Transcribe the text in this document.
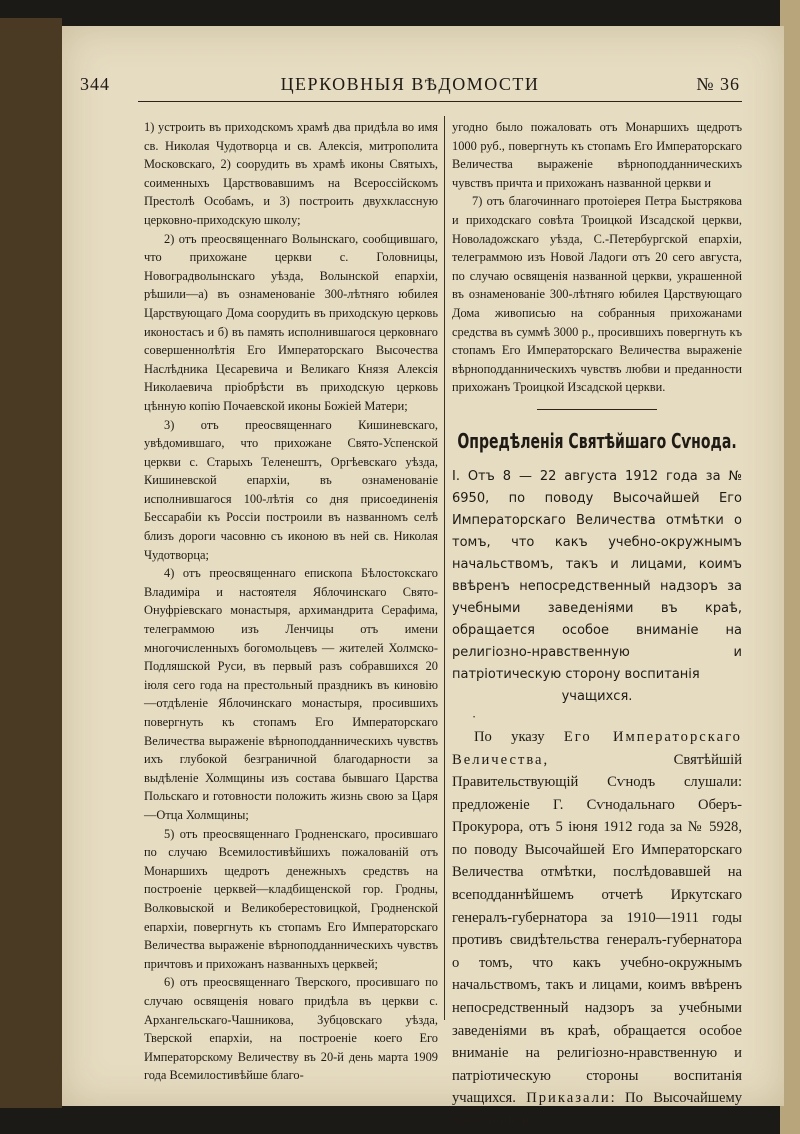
344	ЦЕРКОВНЫЯ ВѢДОМОСТИ	№ 36

1) устроить въ приходскомъ храмѣ два придѣла во имя св. Николая Чудотворца и св. Алексія, митрополита Московскаго, 2) соорудить въ храмѣ иконы Святыхъ, соименныхъ Царствовавшимъ на Всероссійскомъ Престолѣ Особамъ, и 3) построить двухклассную церковно-приходскую школу;

2) отъ преосвященнаго Волынскаго, сообщившаго, что прихожане церкви с. Головницы, Новоградволынскаго уѣзда, Волынской епархіи, рѣшили—а) въ ознаменованіе 300-лѣтняго юбилея Царствующаго Дома соорудить въ приходскую церковь иконостасъ и б) въ память исполнившагося церковнаго совершеннолѣтія Его Императорскаго Высочества Наслѣдника Цесаревича и Великаго Князя Алексія Николаевича пріобрѣсти въ приходскую церковь цѣнную копію Почаевской иконы Божіей Матери;

3) отъ преосвященнаго Кишиневскаго, увѣдомившаго, что прихожане Свято-Успенской церкви с. Старыхъ Теленештъ, Оргѣевскаго уѣзда, Кишиневской епархіи, въ ознаменованіе исполнившагося 100-лѣтія со дня присоединенія Бессарабіи къ Россіи построили въ названномъ селѣ близъ дороги часовню съ иконою въ ней св. Николая Чудотворца;

4) отъ преосвященнаго епископа Бѣлостокскаго Владиміра и настоятеля Яблочинскаго Свято-Онуфріевскаго монастыря, архимандрита Серафима, телеграммою изъ Ленчицы отъ имени многочисленныхъ богомольцевъ — жителей Холмско-Подляшской Руси, въ первый разъ собравшихся 20 іюля сего года на престольный праздникъ въ киновію—отдѣленіе Яблочинскаго монастыря, просившихъ повергнуть къ стопамъ Его Императорскаго Величества выраженіе вѣрноподданническихъ чувствъ ихъ глубокой безграничной благодарности за выдѣленіе Холмщины изъ состава бывшаго Царства Польскаго и готовности положить жизнь свою за Царя—Отца Холмщины;

5) отъ преосвященнаго Гродненскаго, просившаго по случаю Всемилостивѣйшихъ пожалованій отъ Монаршихъ щедротъ денежныхъ средствъ на построеніе церквей—кладбищенской гор. Гродны, Волковыской и Великоберестовицкой, Гродненской епархіи, повергнуть къ стопамъ Его Императорскаго Величества выраженіе вѣрноподданническихъ чувствъ причтовъ и прихожанъ названныхъ церквей;

6) отъ преосвященнаго Тверского, просившаго по случаю освященія новаго придѣла въ церкви с. Архангельскаго-Чашникова, Зубцовскаго уѣзда, Тверской епархіи, на построеніе коего Его Императорскому Величеству въ 20-й день марта 1909 года Всемилостивѣйше благо-

угодно было пожаловать отъ Монаршихъ щедротъ 1000 руб., повергнуть къ стопамъ Его Императорскаго Величества выраженіе вѣрноподданническихъ чувствъ причта и прихожанъ названной церкви и

7) отъ благочиннаго протоіерея Петра Быстрякова и приходскаго совѣта Троицкой Изсадской церкви, Новоладожскаго уѣзда, С.-Петербургской епархіи, телеграммою изъ Новой Ладоги отъ 20 сего августа, по случаю освященія названной церкви, украшенной въ ознаменованіе 300-лѣтняго юбилея Царствующаго Дома живописью на собранныя прихожанами средства въ суммѣ 3000 р., просившихъ повергнуть къ стопамъ Его Императорскаго Величества выраженіе вѣрноподданническихъ чувствъ любви и преданности прихожанъ Троицкой Изсадской церкви.

Опредѣленія Святѣйшаго Сѵнода.

I. Отъ 8 — 22 августа 1912 года за № 6950, по поводу Высочайшей Его Императорскаго Величества отмѣтки о томъ, что какъ учебно-окружнымъ начальствомъ, такъ и лицами, коимъ ввѣренъ непосредственный надзоръ за учебными заведеніями въ краѣ, обращается особое вниманіе на религіозно-нравственную и патріотическую сторону воспитанія
учащихся.

·

По указу Его Императорскаго Величества, Святѣйшій Правительствующій Сѵнодъ слушали: предложеніе Г. Сѵнодальнаго Оберъ-Прокурора, отъ 5 іюня 1912 года за № 5928, по поводу Высочайшей Его Императорскаго Величества отмѣтки, послѣдовавшей на всеподданнѣйшемъ отчетѣ Иркутскаго генералъ-губернатора за 1910—1911 годы противъ свидѣтельства генералъ-губернатора о томъ, что какъ учебно-окружнымъ начальствомъ, такъ и лицами, коимъ ввѣренъ непосредственный надзоръ за учебными заведеніями въ краѣ, обращается особое вниманіе на религіозно-нравственную и патріотическую стороны воспитанія учащихся. Приказали: По Высочайшему повелѣнію въ
